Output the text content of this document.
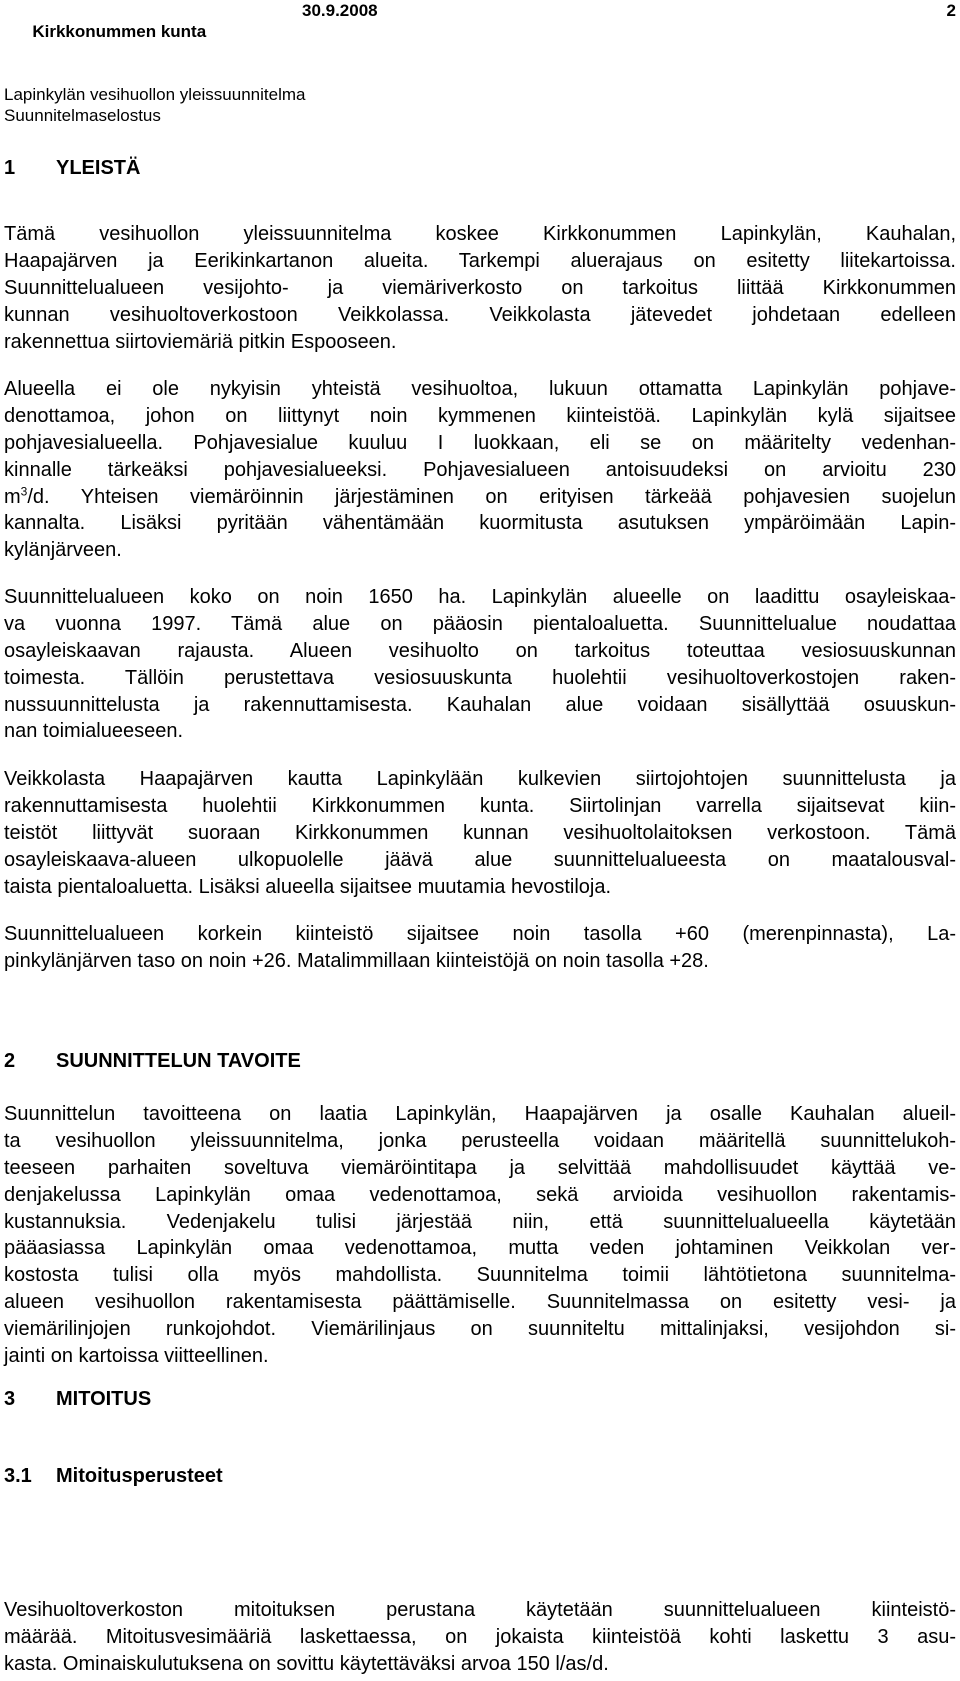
Kirkkonummen kunta

30.9.2008

Lapinkylän vesihuollon yleissuunnitelma
Suunnitelmaselostus
2
1 YLEISTÄ
Tämä vesihuollon yleissuunnitelma koskee Kirkkonummen Lapinkylän, Kauhalan,
Haapajärven ja Eerikinkartanon alueita. Tarkempi aluerajaus on esitetty liitekartoissa.
Suunnittelualueen vesijohto- ja viemäriverkosto on tarkoitus liittää Kirkkonummen
kunnan vesihuoltoverkostoon Veikkolassa. Veikkolasta jätevedet johdetaan edelleen
rakennettua siirtoviemäriä pitkin Espooseen.
Alueella ei ole nykyisin yhteistä vesihuoltoa, lukuun ottamatta Lapinkylän pohjave-
denottamoa, johon on liittynyt noin kymmenen kiinteistöä. Lapinkylän kylä sijaitsee
pohjavesialueella. Pohjavesialue kuuluu I luokkaan, eli se on määritelty vedenhan-
kinnalle tärkeäksi pohjavesialueeksi. Pohjavesialueen antoisuudeksi on arvioitu 230
$m^3/d$. Yhteisen viemäröinnin järjestäminen on erityisen tärkeää pohjavesien suojelun
kannalta. Lisäksi pyritään vähentämään kuormitusta asutuksen ympäröimään Lapin-
kylänjärveen.
Suunnittelualueen koko on noin 1650 ha. Lapinkylän alueelle on laadittu osayleiskaa-
va vuonna 1997. Tämä alue on pääosin pientaloaluetta. Suunnittelualue noudattaa
osayleiskaavan rajausta. Alueen vesihuolto on tarkoitus toteuttaa vesiosuuskunnan
toimesta. Tällöin perustettava vesiosuuskunta huolehtii vesihuoltoverkostojen raken-
nussuunnittelusta ja rakennuttamisesta. Kauhalan alue voidaan sisällyttää osuuskun-
nan toimialueeseen.
Veikkolasta Haapajärven kautta Lapinkylään kulkevien siirtojohtojen suunnittelusta ja
rakennuttamisesta huolehtii Kirkkonummen kunta. Siirtolinjan varrella sijaitsevat kiin-
teistöt liittyvät suoraan Kirkkonummen kunnan vesihuoltolaitoksen verkostoon. Tämä
osayleiskaava-alueen ulkopuolelle jäävä alue suunnittelualueesta on maatalousval-
taista pientaloaluetta. Lisäksi alueella sijaitsee muutamia hevostiloja.
Suunnittelualueen korkein kiinteistö sijaitsee noin tasolla +60 (merenpinnasta), La-
pinkylänjärven taso on noin +26. Matalimmillaan kiinteistöjä on noin tasolla +28.
2 SUUNNITTELUN TAVOITE
Suunnittelun tavoitteena on laatia Lapinkylän, Haapajärven ja osalle Kauhalan alueil-
ta vesihuollon yleissuunnitelma, jonka perusteella voidaan määritellä suunnittelukoh-
teeseen parhaiten soveltuva viemäröintitapa ja selvittää mahdollisuudet käyttää ve-
denjakelussa Lapinkylän omaa vedenottamoa, sekä arvioida vesihuollon rakentamis-
kustannuksia. Vedenjakelu tulisi järjestää niin, että suunnittelualueella käytetään
pääasiassa Lapinkylän omaa vedenottamoa, mutta veden johtaminen Veikkolan ver-
kostosta tulisi olla myös mahdollista. Suunnitelma toimii lähtötietona suunnitelma-
alueen vesihuollon rakentamisesta päättämiselle. Suunnitelmassa on esitetty vesi- ja
viemärilinjojen runkojohdot. Viemärilinjaus on suunniteltu mittalinjaksi, vesijohdon si-
jainti on kartoissa viitteellinen.
3 MITOITUS
3.1 Mitoitusperusteet
Vesihuoltoverkoston mitoituksen perustana käytetään suunnittelualueen kiinteistö-
määrää. Mitoitusvesimääriä laskettaessa, on jokaista kiinteistöä kohti laskettu 3 asu-
kasta. Ominaiskulutuksena on sovittu käytettäväksi arvoa 150 l/as/d.
